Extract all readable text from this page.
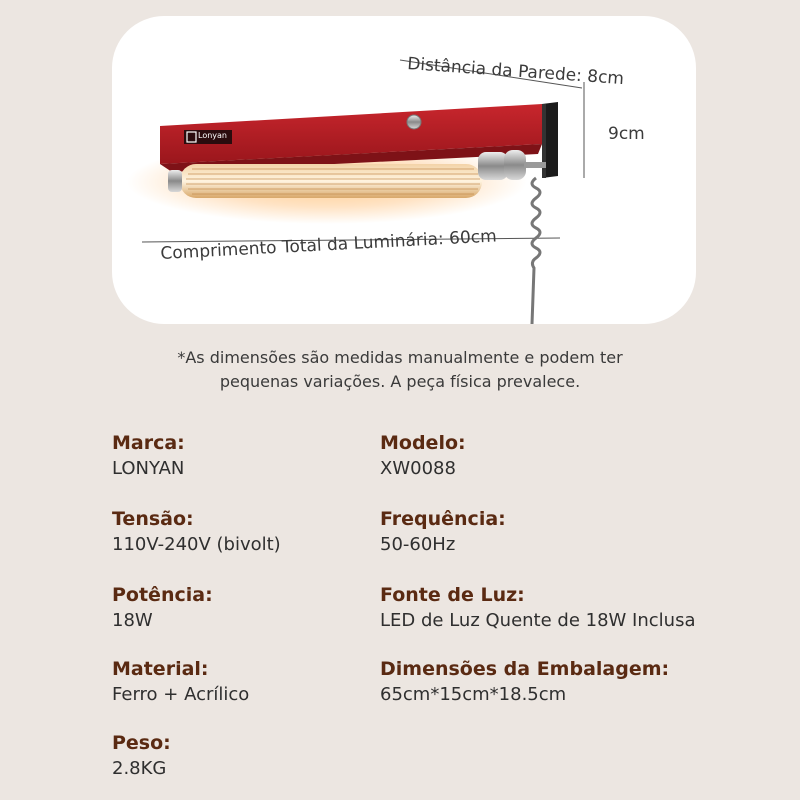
Lonyan
Distância da Parede: 8cm
9cm
Comprimento Total da Luminária: 60cm
*As dimensões são medidas manualmente e podem ter
pequenas variações. A peça física prevalece.
Marca:
LONYAN
Modelo:
XW0088
Tensão:
110V-240V (bivolt)
Frequência:
50-60Hz
Potência:
18W
Fonte de Luz:
LED de Luz Quente de 18W Inclusa
Material:
Ferro + Acrílico
Dimensões da Embalagem:
65cm*15cm*18.5cm
Peso:
2.8KG
